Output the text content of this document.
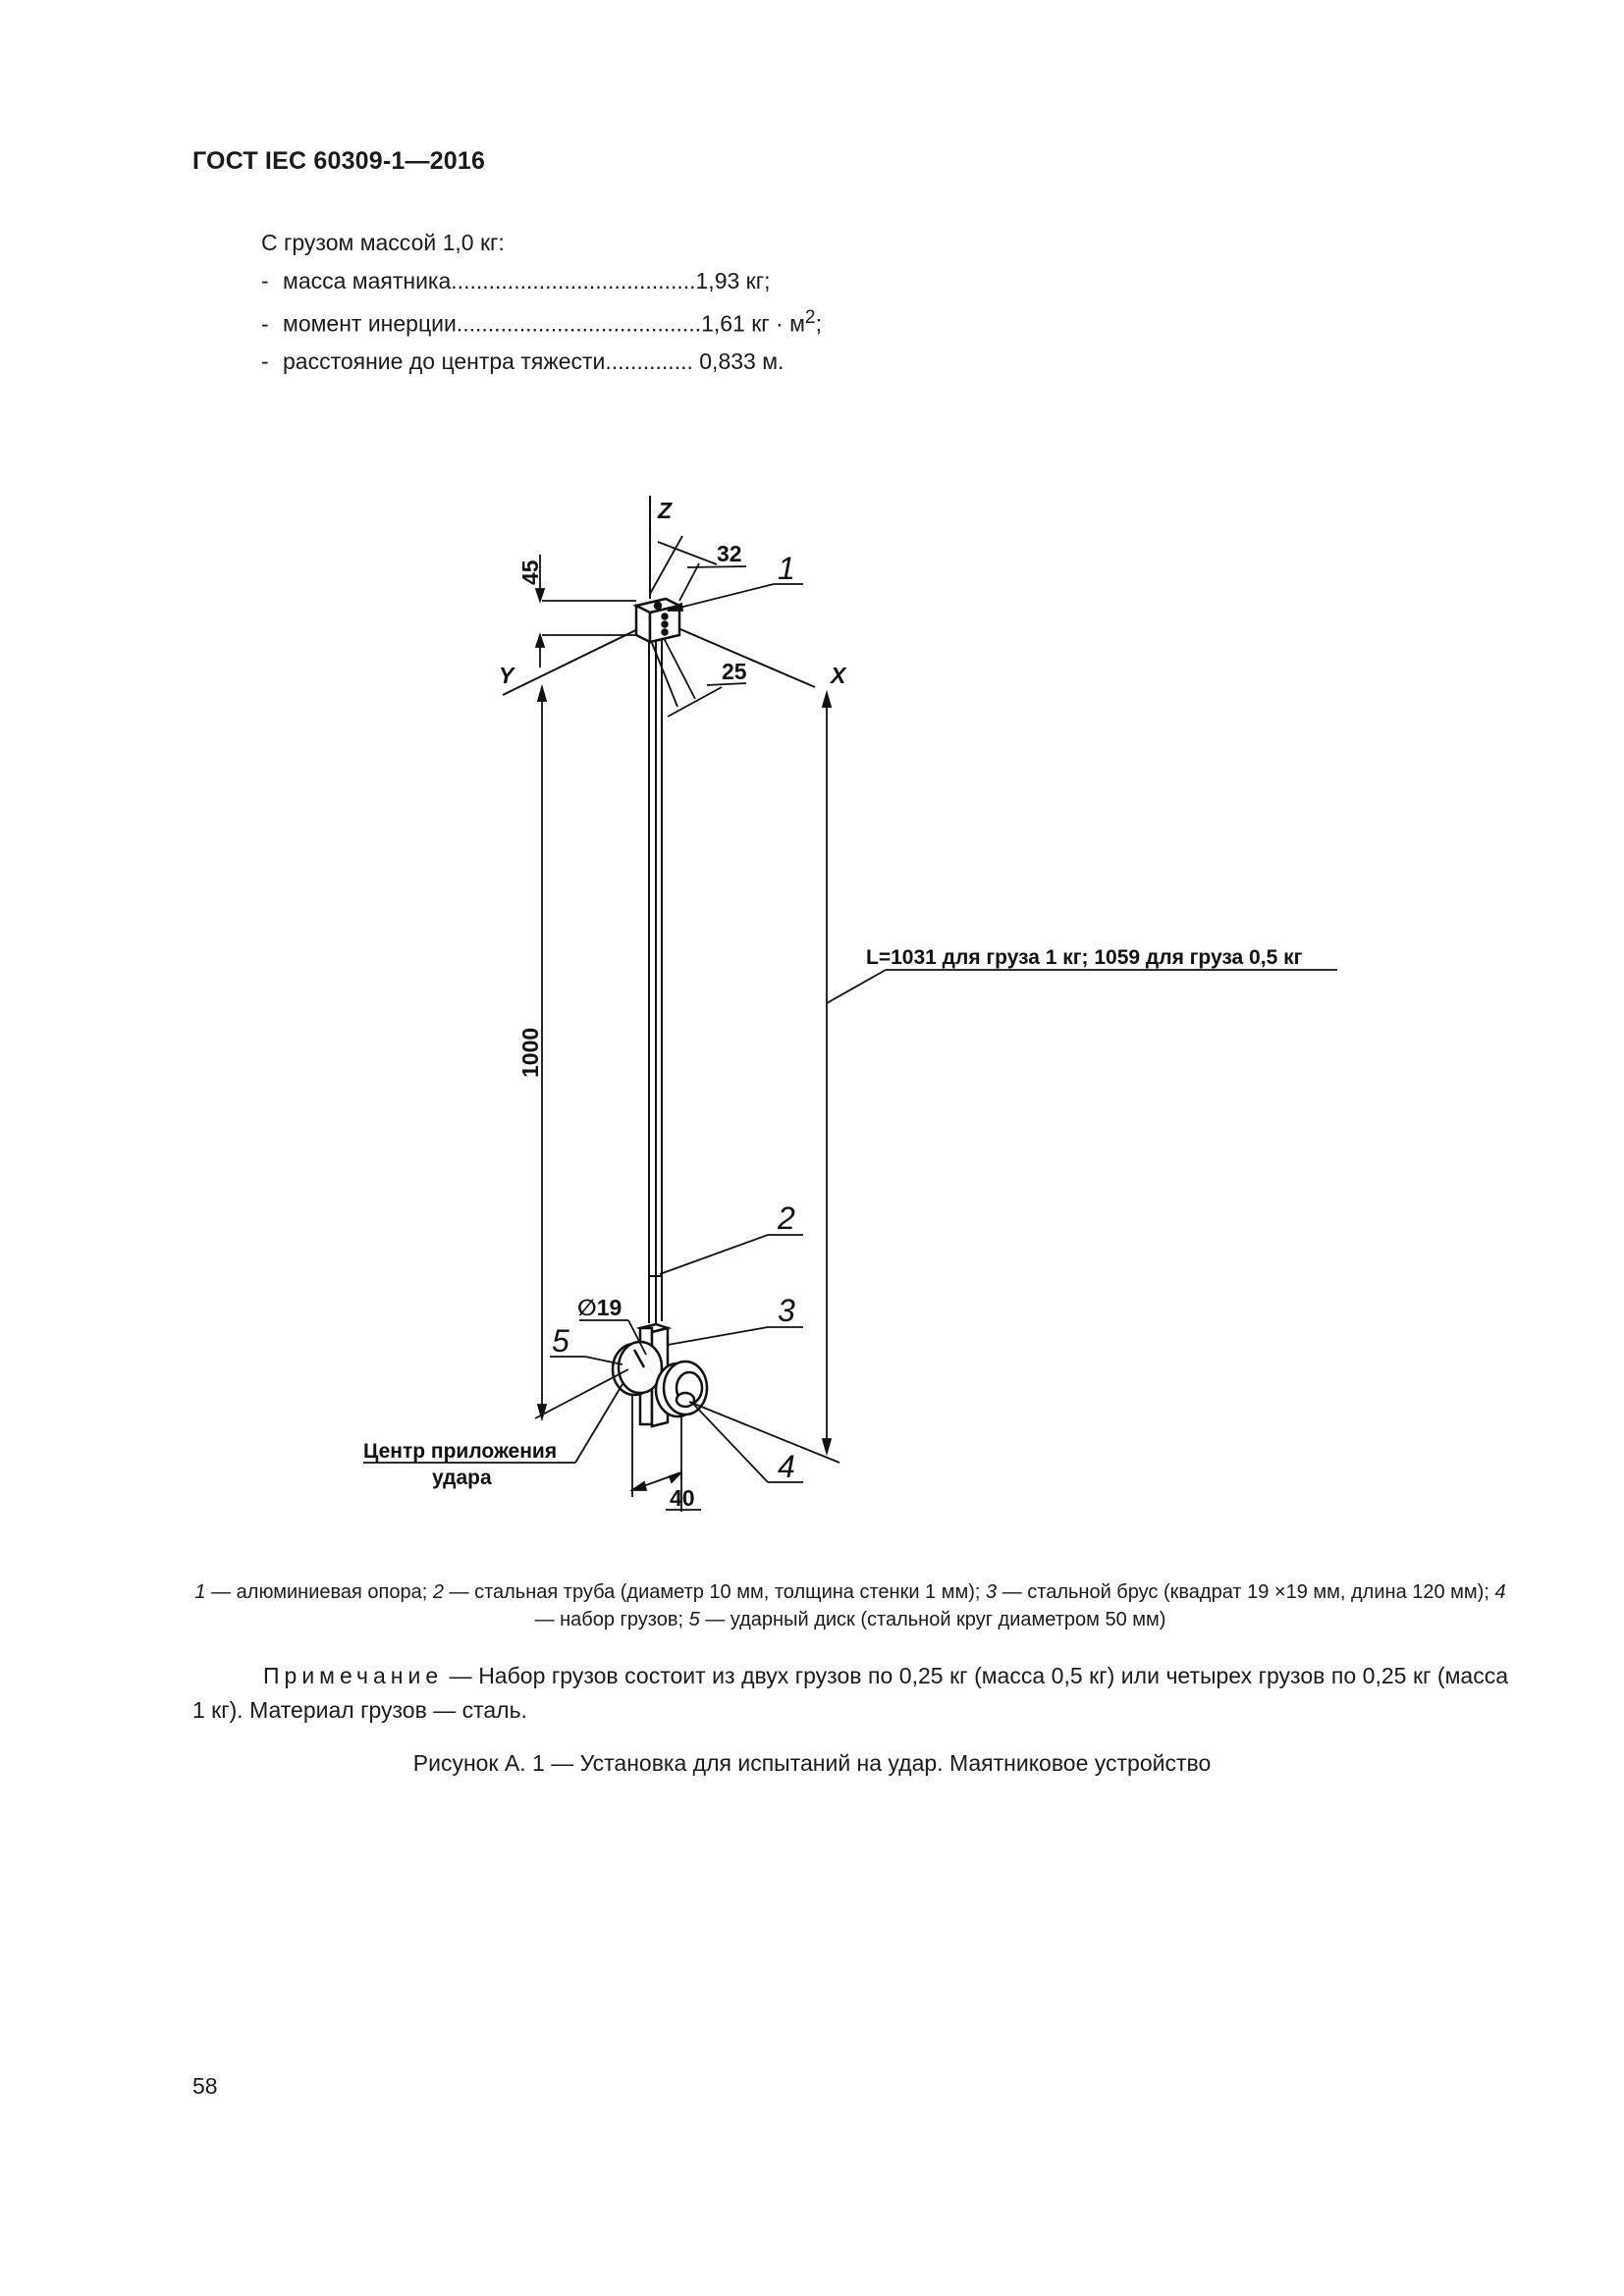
ГОСТ IEC 60309-1—2016
С грузом массой 1,0 кг:
- масса маятника.......................................1,93 кг;
- момент инерции.......................................1,61 кг · $м^2$;
- расстояние до центра тяжести.............. 0,833 м.
Z
Y	X
32
45
25
1000
40
∅19
L=1031 для груза 1 кг; 1059 для груза 0,5 кг
Центр приложения
удара
1
2
3
4
5
1 — алюминиевая опора; 2 — стальная труба (диаметр 10 мм, толщина стенки 1 мм); 3 — стальной брус (квадрат 19 ×19 мм, длина 120 мм); 4 — набор грузов; 5 — ударный диск (стальной круг диаметром 50 мм)
Примечание — Набор грузов состоит из двух грузов по 0,25 кг (масса 0,5 кг) или четырех грузов по 0,25 кг (масса 1 кг). Материал грузов — сталь.
Рисунок А. 1 — Установка для испытаний на удар. Маятниковое устройство
58
